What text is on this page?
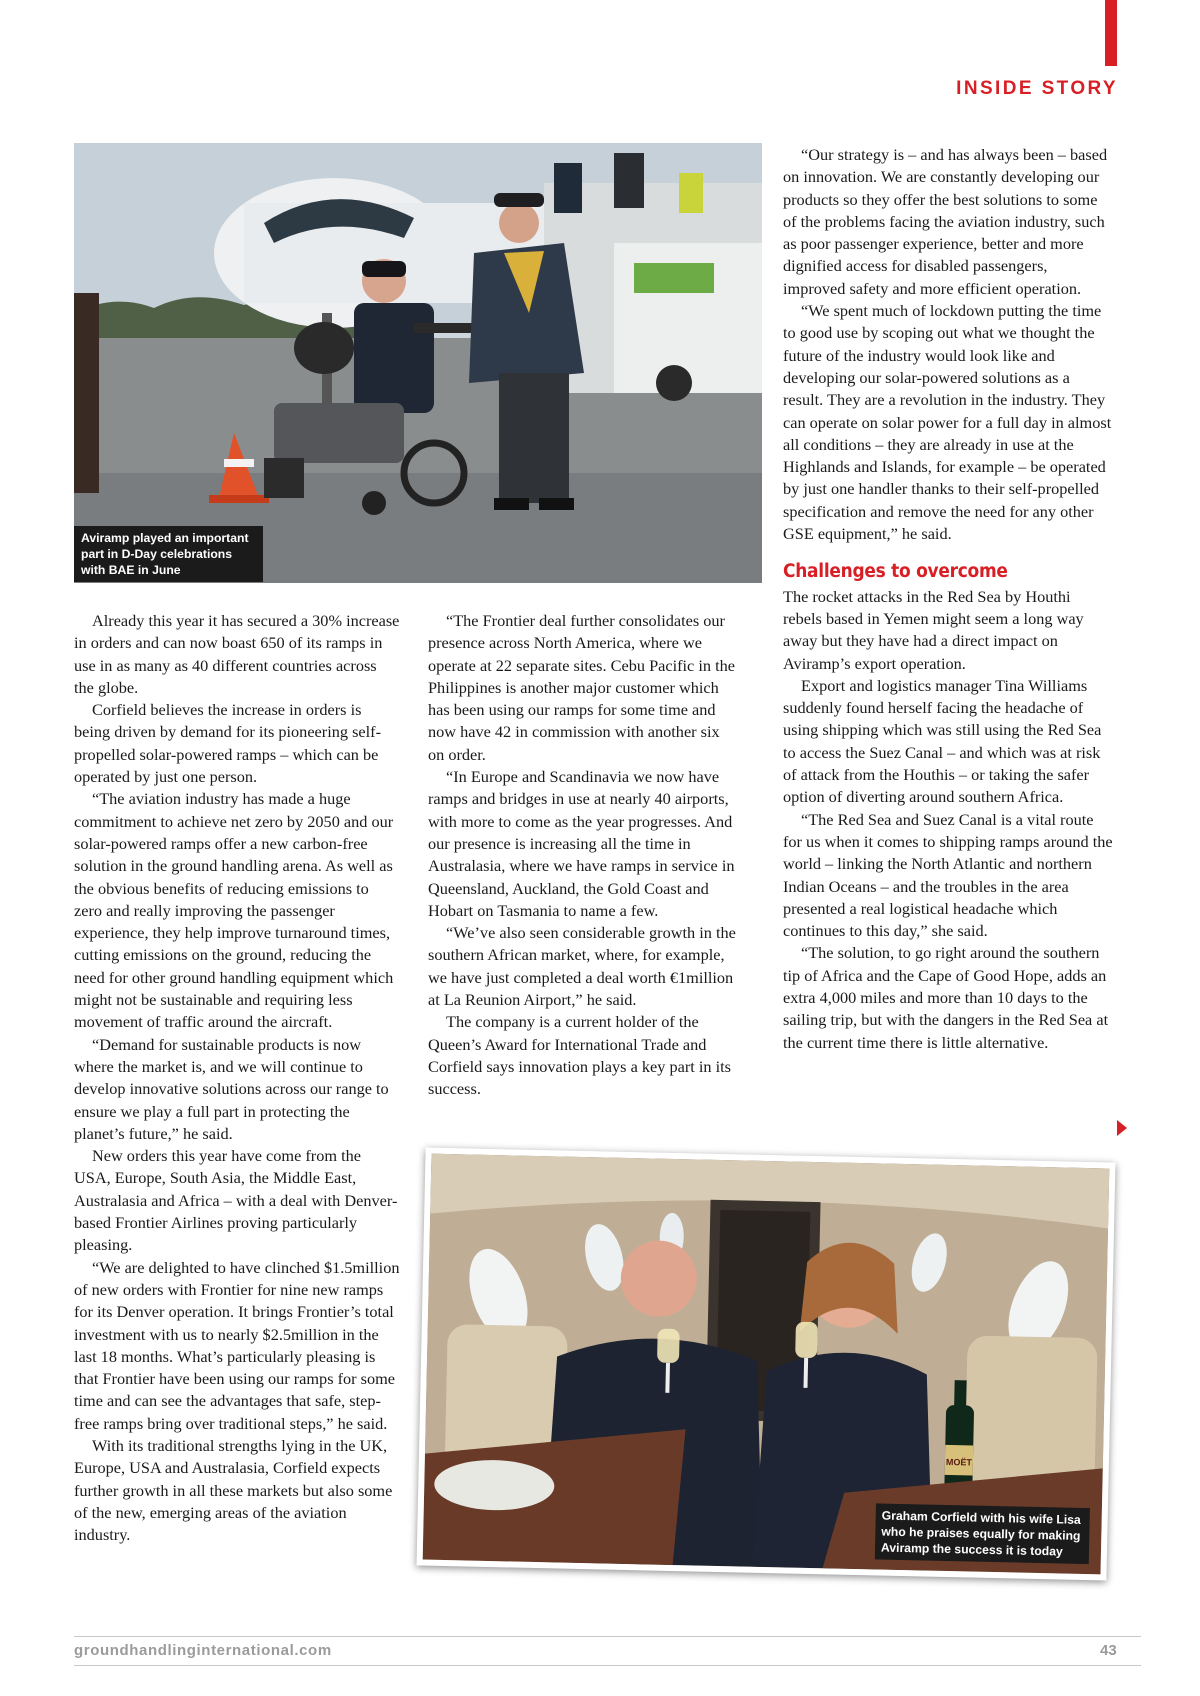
INSIDE STORY
Aviramp played an important part in D-Day celebrations with BAE in June

Already this year it has secured a 30% increase in orders and can now boast 650 of its ramps in use in as many as 40 different countries across the globe.

Corfield believes the increase in orders is being driven by demand for its pioneering self-propelled solar-powered ramps – which can be operated by just one person.

“The aviation industry has made a huge commitment to achieve net zero by 2050 and our solar-powered ramps offer a new carbon-free solution in the ground handling arena. As well as the obvious benefits of reducing emissions to zero and really improving the passenger experience, they help improve turnaround times, cutting emissions on the ground, reducing the need for other ground handling equipment which might not be sustainable and requiring less movement of traffic around the aircraft.

“Demand for sustainable products is now where the market is, and we will continue to develop innovative solutions across our range to ensure we play a full part in protecting the planet’s future,” he said.

New orders this year have come from the USA, Europe, South Asia, the Middle East, Australasia and Africa – with a deal with Denver-based Frontier Airlines proving particularly pleasing.

“We are delighted to have clinched $1.5million of new orders with Frontier for nine new ramps for its Denver operation. It brings Frontier’s total investment with us to nearly $2.5million in the last 18 months. What’s particularly pleasing is that Frontier have been using our ramps for some time and can see the advantages that safe, step-free ramps bring over traditional steps,” he said.

With its traditional strengths lying in the UK, Europe, USA and Australasia, Corfield expects further growth in all these markets but also some of the new, emerging areas of the aviation industry.

“The Frontier deal further consolidates our presence across North America, where we operate at 22 separate sites. Cebu Pacific in the Philippines is another major customer which has been using our ramps for some time and now have 42 in commission with another six on order.

“In Europe and Scandinavia we now have ramps and bridges in use at nearly 40 airports, with more to come as the year progresses. And our presence is increasing all the time in Australasia, where we have ramps in service in Queensland, Auckland, the Gold Coast and Hobart on Tasmania to name a few.

“We’ve also seen considerable growth in the southern African market, where, for example, we have just completed a deal worth €1million at La Reunion Airport,” he said.

The company is a current holder of the Queen’s Award for International Trade and Corfield says innovation plays a key part in its success.

“Our strategy is – and has always been – based on innovation. We are constantly developing our products so they offer the best solutions to some of the problems facing the aviation industry, such as poor passenger experience, better and more dignified access for disabled passengers, improved safety and more efficient operation.

“We spent much of lockdown putting the time to good use by scoping out what we thought the future of the industry would look like and developing our solar-powered solutions as a result. They are a revolution in the industry. They can operate on solar power for a full day in almost all conditions – they are already in use at the Highlands and Islands, for example – be operated by just one handler thanks to their self-propelled specification and remove the need for any other GSE equipment,” he said.

Challenges to overcome

The rocket attacks in the Red Sea by Houthi rebels based in Yemen might seem a long way away but they have had a direct impact on Aviramp’s export operation.

Export and logistics manager Tina Williams suddenly found herself facing the headache of using shipping which was still using the Red Sea to access the Suez Canal – and which was at risk of attack from the Houthis – or taking the safer option of diverting around southern Africa.

“The Red Sea and Suez Canal is a vital route for us when it comes to shipping ramps around the world – linking the North Atlantic and northern Indian Oceans – and the troubles in the area presented a real logistical headache which continues to this day,” she said.

“The solution, to go right around the southern tip of Africa and the Cape of Good Hope, adds an extra 4,000 miles and more than 10 days to the sailing trip, but with the dangers in the Red Sea at the current time there is little alternative.

MOËT
Graham Corfield with his wife Lisa who he praises equally for making Aviramp the success it is today
groundhandlinginternational.com	43
